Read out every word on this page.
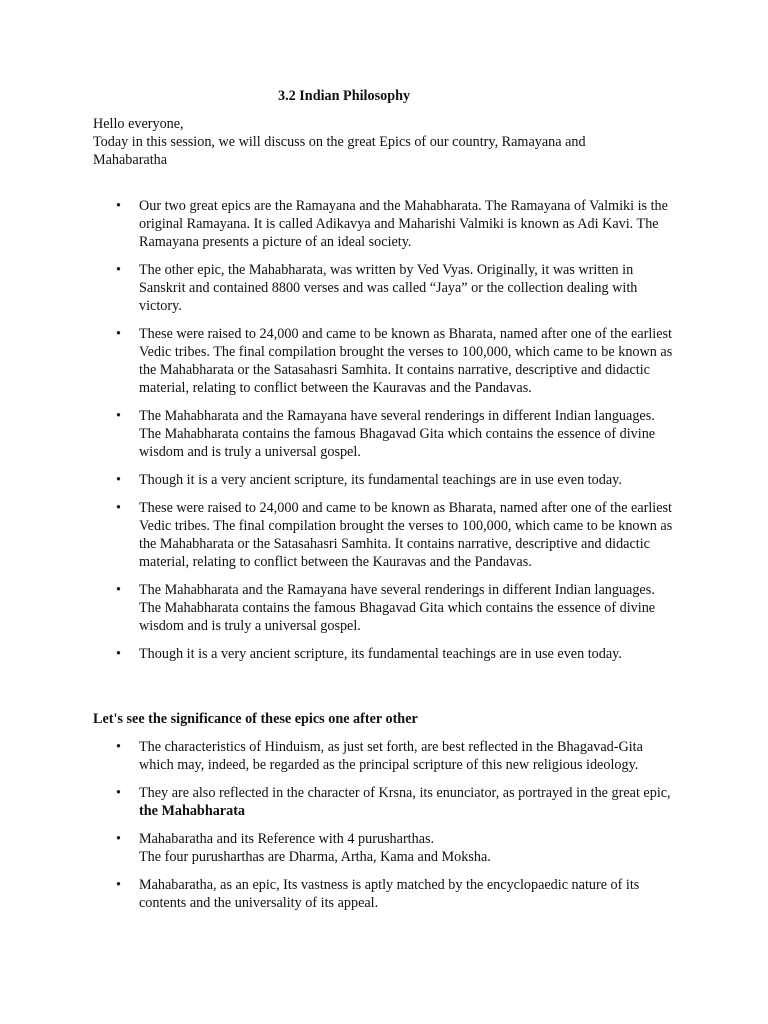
3.2 Indian Philosophy

Hello everyone,

Today in this session, we will discuss on the great Epics of our country, Ramayana and Mahabaratha

• Our two great epics are the Ramayana and the Mahabharata. The Ramayana of Valmiki is the original Ramayana. It is called Adikavya and Maharishi Valmiki is known as Adi Kavi. The Ramayana presents a picture of an ideal society.
• The other epic, the Mahabharata, was written by Ved Vyas. Originally, it was written in Sanskrit and contained 8800 verses and was called “Jaya” or the collection dealing with victory.
• These were raised to 24,000 and came to be known as Bharata, named after one of the earliest Vedic tribes. The final compilation brought the verses to 100,000, which came to be known as the Mahabharata or the Satasahasri Samhita. It contains narrative, descriptive and didactic material, relating to conflict between the Kauravas and the Pandavas.
• The Mahabharata and the Ramayana have several renderings in different Indian languages. The Mahabharata contains the famous Bhagavad Gita which contains the essence of divine wisdom and is truly a universal gospel.
• Though it is a very ancient scripture, its fundamental teachings are in use even today.
• These were raised to 24,000 and came to be known as Bharata, named after one of the earliest Vedic tribes. The final compilation brought the verses to 100,000, which came to be known as the Mahabharata or the Satasahasri Samhita. It contains narrative, descriptive and didactic material, relating to conflict between the Kauravas and the Pandavas.
• The Mahabharata and the Ramayana have several renderings in different Indian languages. The Mahabharata contains the famous Bhagavad Gita which contains the essence of divine wisdom and is truly a universal gospel.
• Though it is a very ancient scripture, its fundamental teachings are in use even today.
Let's see the significance of these epics one after other
• The characteristics of Hinduism, as just set forth, are best reflected in the Bhagavad-Gita which may, indeed, be regarded as the principal scripture of this new religious ideology.
• They are also reflected in the character of Krsna, its enunciator, as portrayed in the great epic, the Mahabharata
• Mahabaratha and its Reference with 4 purusharthas.
The four purusharthas are Dharma, Artha, Kama and Moksha.
• Mahabaratha, as an epic, Its vastness is aptly matched by the encyclopaedic nature of its contents and the universality of its appeal.
